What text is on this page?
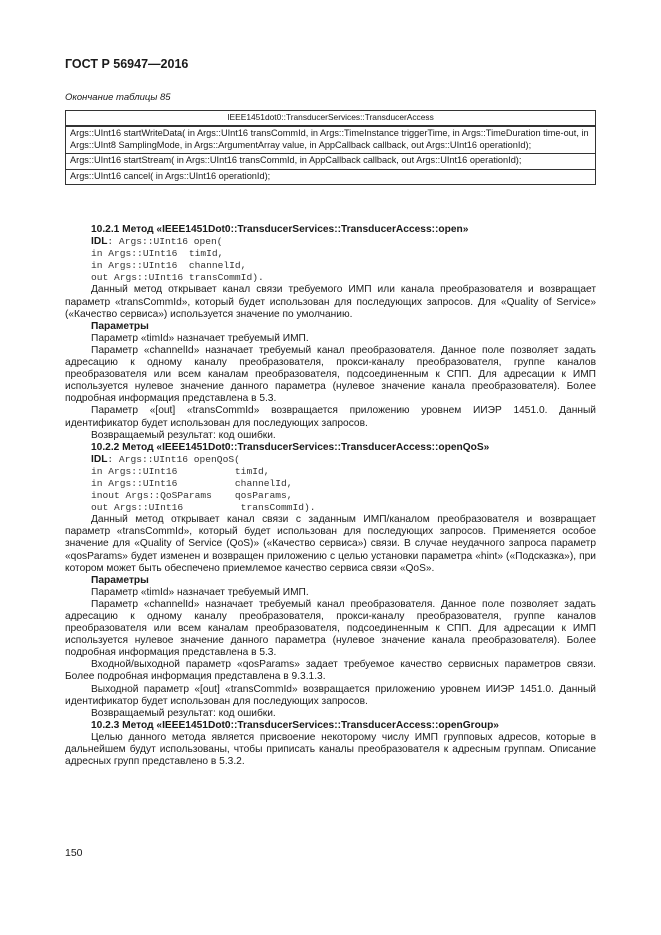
ГОСТ Р 56947—2016
Окончание таблицы 85
IEEE1451dot0::TransducerServices::TransducerAccess
Args::UInt16 startWriteData( in Args::UInt16 transCommId, in Args::TimeInstance triggerTime, in Args::TimeDuration time-out, in Args::UInt8 SamplingMode, in Args::ArgumentArray value, in AppCallback callback, out Args::UInt16 operationId);
Args::UInt16 startStream( in Args::UInt16 transCommId, in AppCallback callback, out Args::UInt16 operationId);
Args::UInt16 cancel( in Args::UInt16 operationId);

10.2.1 Метод «IEEE1451Dot0::TransducerServices::TransducerAccess::open»

IDL: Args::UInt16 open(

in Args::UInt16  timId,
in Args::UInt16  channelId,
out Args::UInt16 transCommId).

Данный метод открывает канал связи требуемого ИМП или канала преобразователя и возвращает параметр «transCommId», который будет использован для последующих запросов. Для «Quality of Service» («Качество сервиса») используется значение по умолчанию.

Параметры

Параметр «timId» назначает требуемый ИМП.

Параметр «channelId» назначает требуемый канал преобразователя. Данное поле позволяет задать адресацию к одному каналу преобразователя, прокси-каналу преобразователя, группе каналов преобразователя или всем каналам преобразователя, подсоединенным к СПП. Для адресации к ИМП используется нулевое значение данного параметра (нулевое значение канала преобразователя). Более подробная информация представлена в 5.3.

Параметр «[out] «transCommId» возвращается приложению уровнем ИИЭР 1451.0. Данный идентификатор будет использован для последующих запросов.

Возвращаемый результат: код ошибки.

10.2.2 Метод «IEEE1451Dot0::TransducerServices::TransducerAccess::openQoS»

IDL: Args::UInt16 openQoS(

in Args::UInt16          timId,
in Args::UInt16          channelId,
inout Args::QoSParams    qosParams,
out Args::UInt16          transCommId).

Данный метод открывает канал связи с заданным ИМП/каналом преобразователя и возвращает параметр «transCommId», который будет использован для последующих запросов. Применяется особое значение для «Quality of Service (QoS)» («Качество сервиса») связи. В случае неудачного запроса параметр «qosParams» будет изменен и возвращен приложению с целью установки параметра «hint» («Подсказка»), при котором может быть обеспечено приемлемое качество сервиса связи «QoS».

Параметры

Параметр «timId» назначает требуемый ИМП.

Параметр «channelId» назначает требуемый канал преобразователя. Данное поле позволяет задать адресацию к одному каналу преобразователя, прокси-каналу преобразователя, группе каналов преобразователя или всем каналам преобразователя, подсоединенным к СПП. Для адресации к ИМП используется нулевое значение данного параметра (нулевое значение канала преобразователя). Более подробная информация представлена в 5.3.

Входной/выходной параметр «qosParams» задает требуемое качество сервисных параметров связи. Более подробная информация представлена в 9.3.1.3.

Выходной параметр «[out] «transCommId» возвращается приложению уровнем ИИЭР 1451.0. Данный идентификатор будет использован для последующих запросов.

Возвращаемый результат: код ошибки.

10.2.3 Метод «IEEE1451Dot0::TransducerServices::TransducerAccess::openGroup»

Целью данного метода является присвоение некоторому числу ИМП групповых адресов, которые в дальнейшем будут использованы, чтобы приписать каналы преобразователя к адресным группам. Описание адресных групп представлено в 5.3.2.

150
